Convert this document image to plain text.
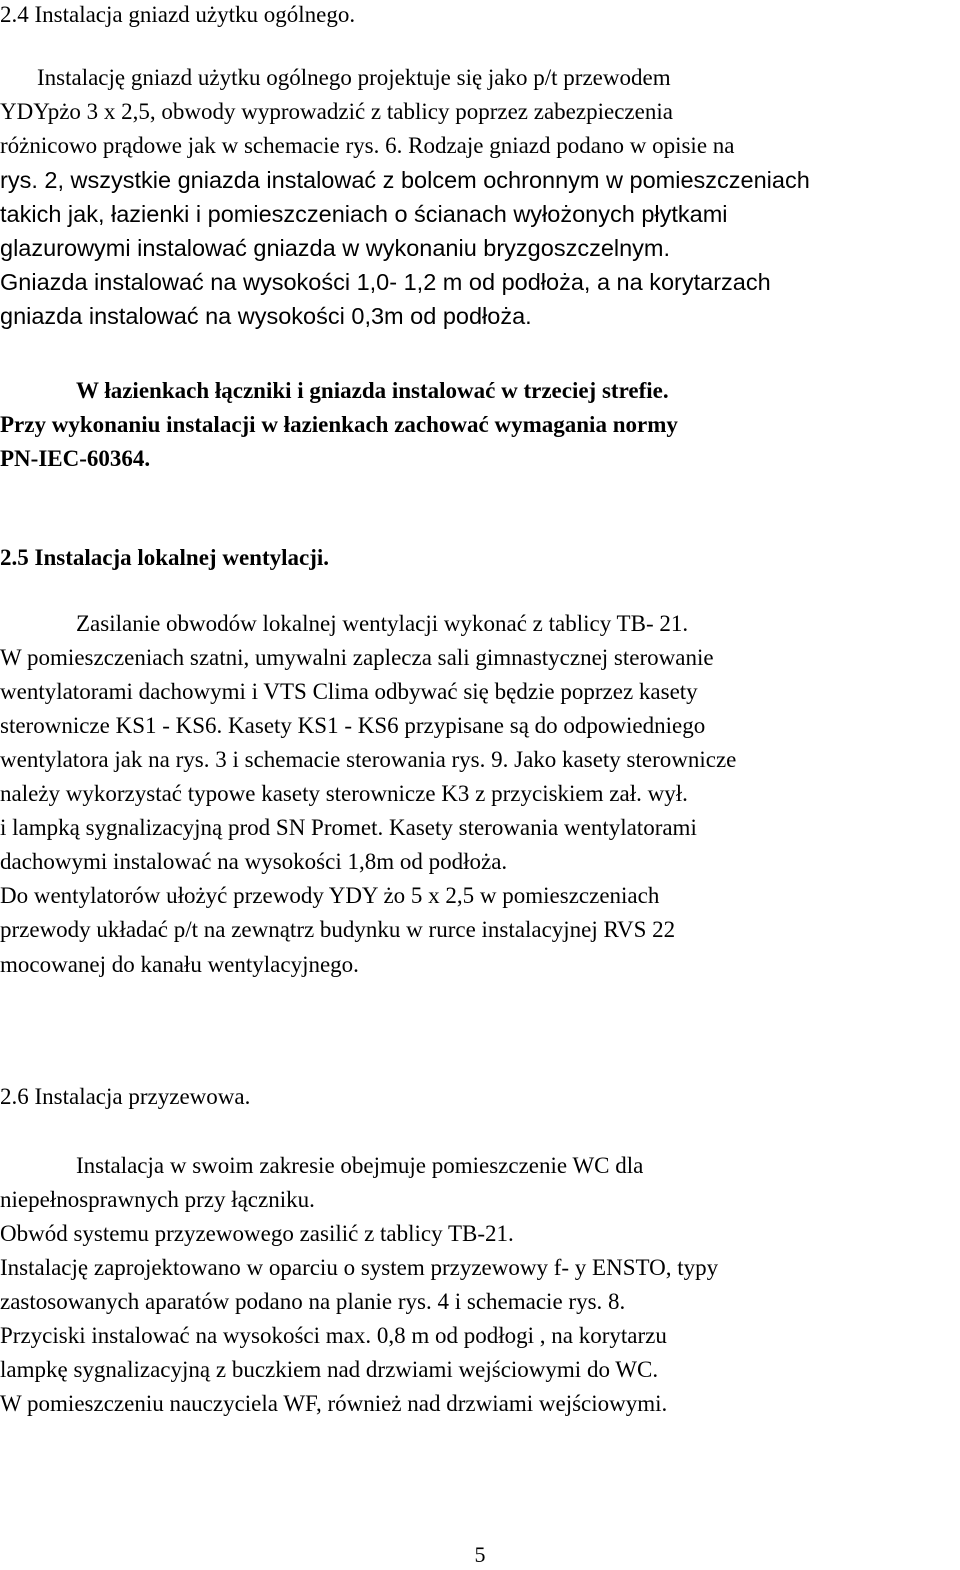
2.4 Instalacja gniazd użytku ogólnego.
Instalację gniazd użytku ogólnego projektuje się jako p/t przewodem
YDYpżo 3 x 2,5, obwody wyprowadzić z tablicy poprzez zabezpieczenia
różnicowo prądowe jak w schemacie rys. 6. Rodzaje gniazd podano w opisie na
rys. 2, wszystkie gniazda instalować z bolcem ochronnym w pomieszczeniach
takich jak, łazienki i pomieszczeniach o ścianach wyłożonych płytkami
glazurowymi instalować gniazda w wykonaniu bryzgoszczelnym.
Gniazda instalować na wysokości 1,0- 1,2 m od podłoża, a na korytarzach
gniazda instalować na wysokości 0,3m od podłoża.
W łazienkach łączniki i gniazda instalować w trzeciej strefie.
Przy wykonaniu instalacji w łazienkach zachować wymagania normy
PN-IEC-60364.
2.5 Instalacja lokalnej wentylacji.
Zasilanie obwodów lokalnej wentylacji wykonać z tablicy TB- 21.
W pomieszczeniach szatni, umywalni zaplecza sali gimnastycznej sterowanie
wentylatorami dachowymi i VTS Clima odbywać się będzie poprzez kasety
sterownicze KS1 - KS6. Kasety KS1 - KS6 przypisane są do odpowiedniego
wentylatora jak na rys. 3 i schemacie sterowania rys. 9. Jako kasety sterownicze
należy wykorzystać typowe kasety sterownicze K3 z przyciskiem zał. wył.
i lampką sygnalizacyjną prod SN Promet. Kasety sterowania wentylatorami
dachowymi instalować na wysokości 1,8m od podłoża.
Do wentylatorów ułożyć przewody YDY żo 5 x 2,5 w pomieszczeniach
przewody układać p/t na zewnątrz budynku w rurce instalacyjnej RVS 22
mocowanej do kanału wentylacyjnego.
2.6 Instalacja przyzewowa.
Instalacja w swoim zakresie obejmuje pomieszczenie WC dla
niepełnosprawnych przy łączniku.
Obwód systemu przyzewowego zasilić z tablicy TB-21.
Instalację zaprojektowano w oparciu o system przyzewowy f- y ENSTO, typy
zastosowanych aparatów podano na planie rys. 4 i schemacie rys. 8.
Przyciski instalować na wysokości max. 0,8 m od podłogi , na korytarzu
lampkę sygnalizacyjną z buczkiem nad drzwiami wejściowymi do WC.
W pomieszczeniu nauczyciela WF, również nad drzwiami wejściowymi.
5
